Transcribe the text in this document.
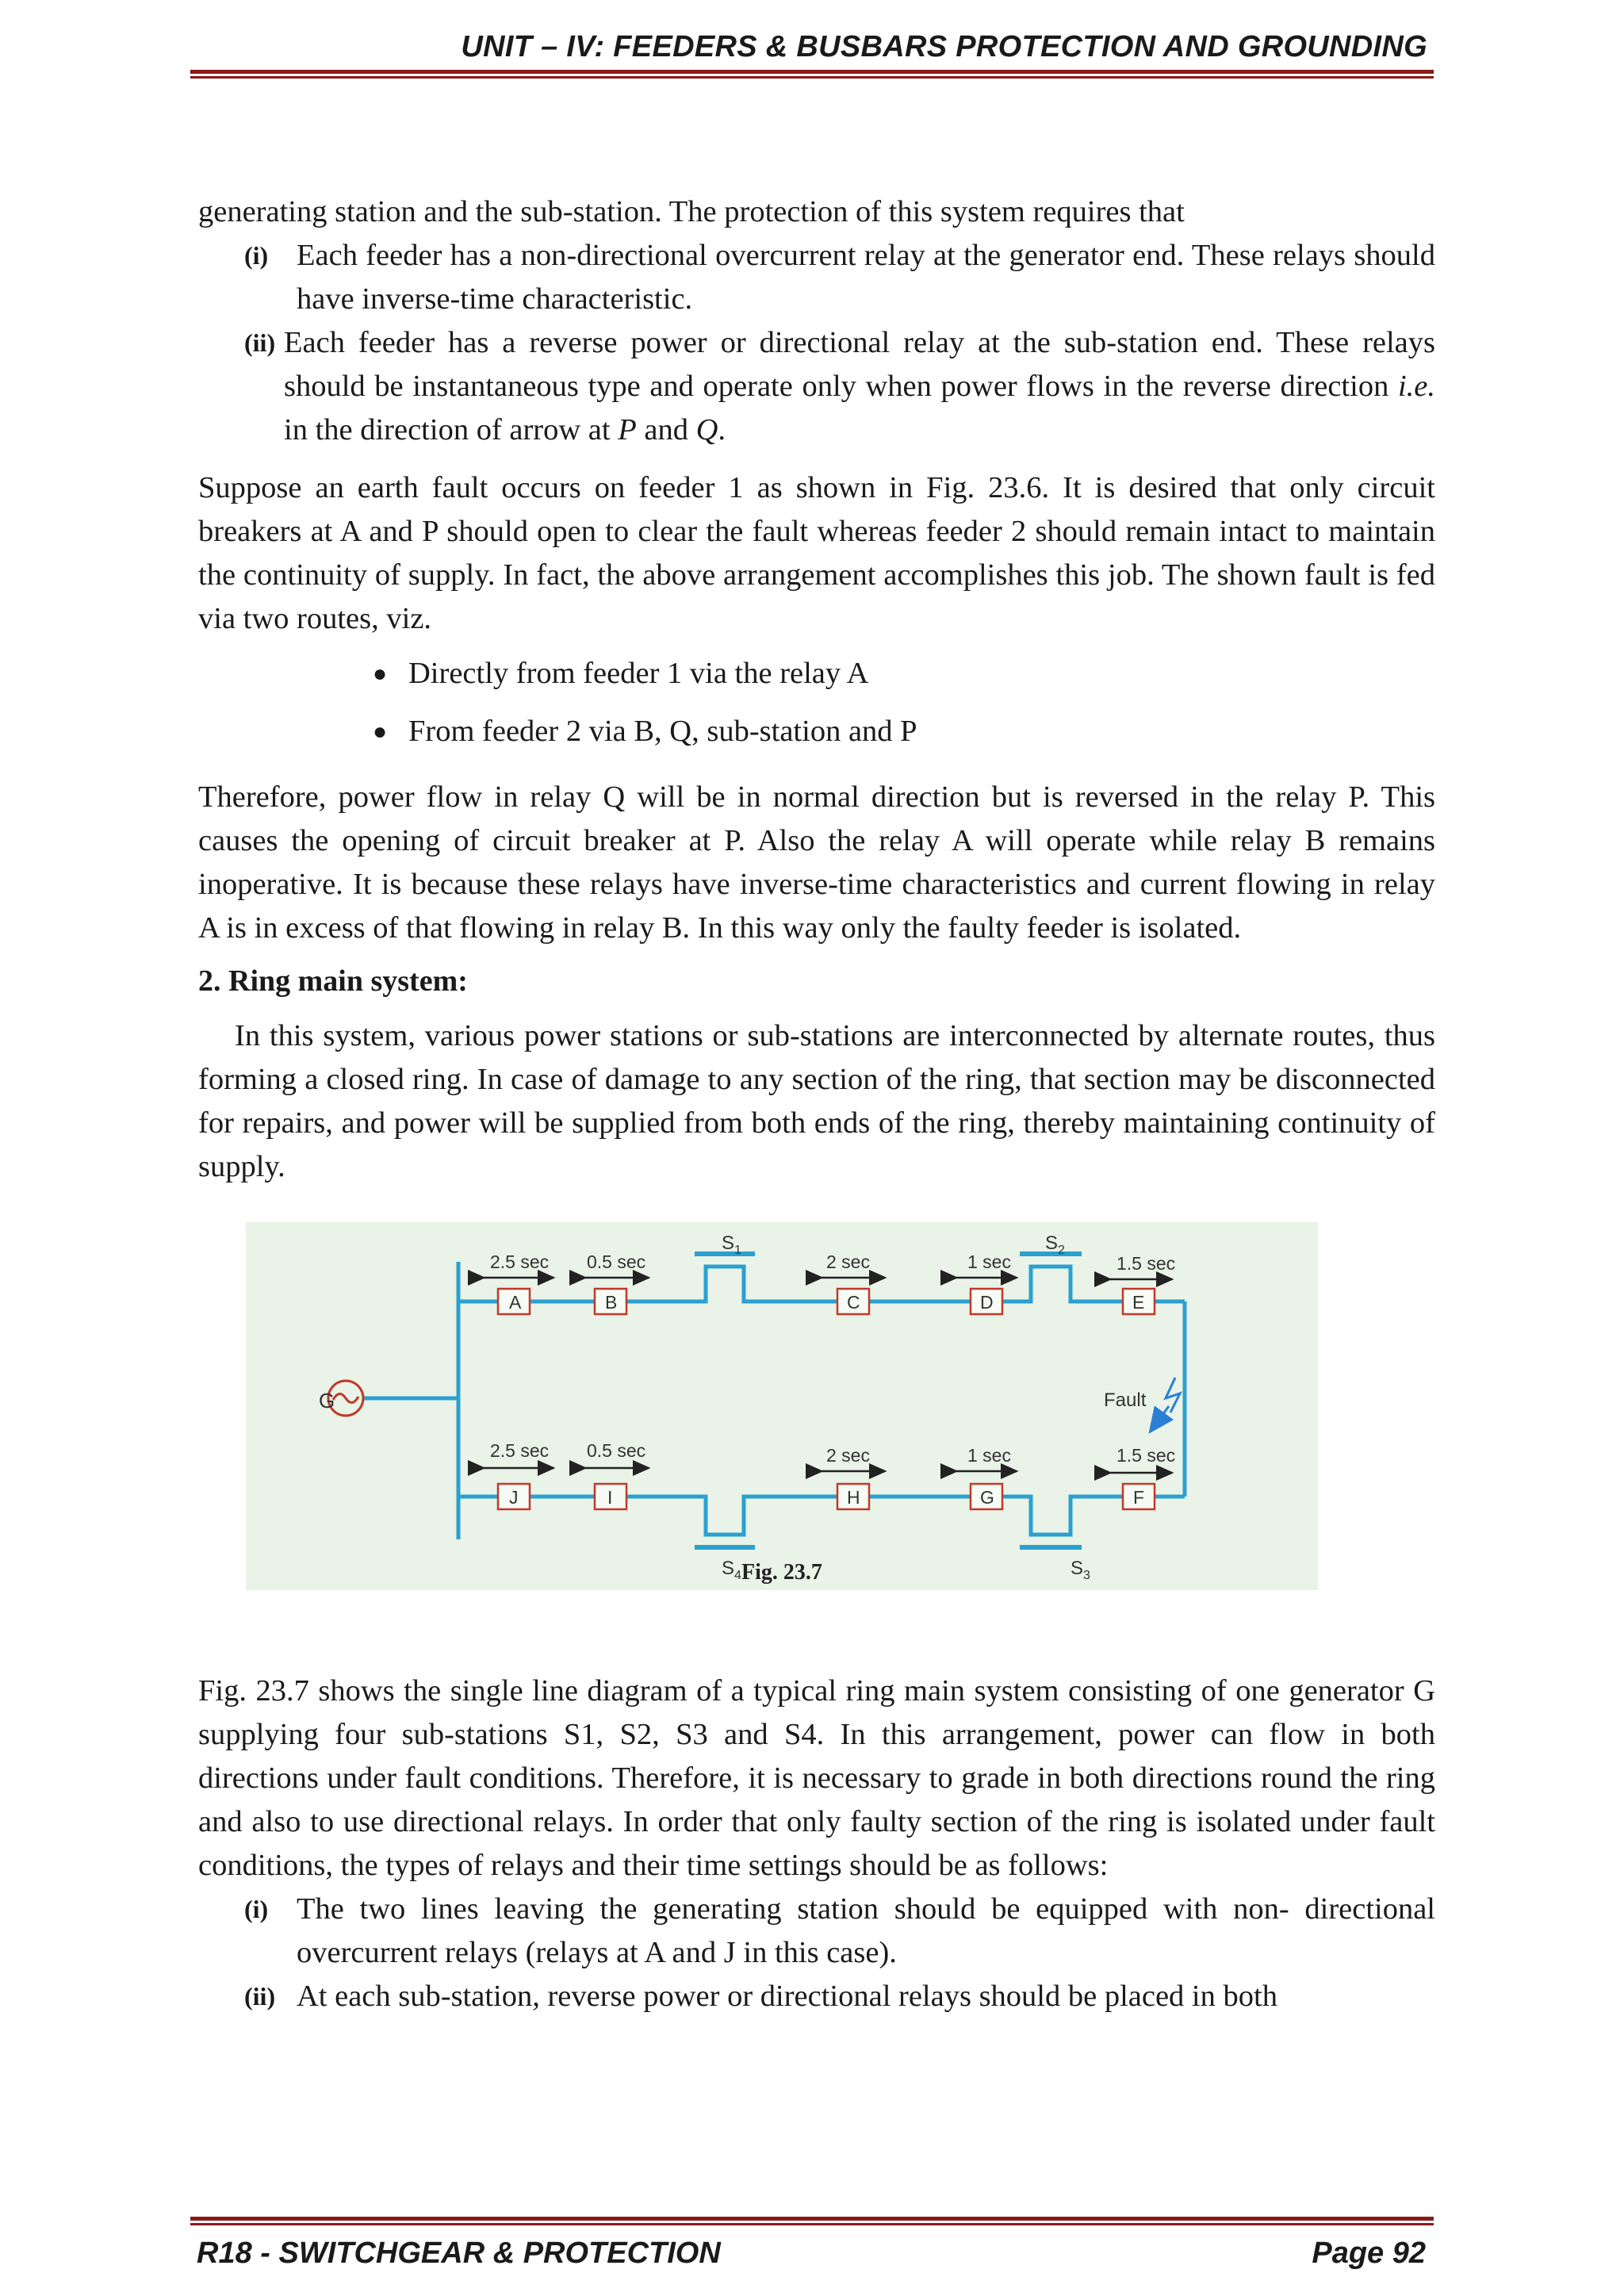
UNIT – IV: FEEDERS & BUSBARS PROTECTION AND GROUNDING

generating station and the sub-station. The protection of this system requires that

(i) Each feeder has a non-directional overcurrent relay at the generator end. These relays should have inverse-time characteristic.
(ii) Each feeder has a reverse power or directional relay at the sub-station end. These relays should be instantaneous type and operate only when power flows in the reverse direction i.e. in the direction of arrow at P and Q.

Suppose an earth fault occurs on feeder 1 as shown in Fig. 23.6. It is desired that only circuit breakers at A and P should open to clear the fault whereas feeder 2 should remain intact to maintain the continuity of supply. In fact, the above arrangement accomplishes this job. The shown fault is fed via two routes, viz.

● Directly from feeder 1 via the relay A
● From feeder 2 via B, Q, sub-station and P

Therefore, power flow in relay Q will be in normal direction but is reversed in the relay P. This causes the opening of circuit breaker at P. Also the relay A will operate while relay B remains inoperative. It is because these relays have inverse-time characteristics and current flowing in relay A is in excess of that flowing in relay B. In this way only the faulty feeder is isolated.

2. Ring main system:

In this system, various power stations or sub-stations are interconnected by alternate routes, thus forming a closed ring. In case of damage to any section of the ring, that section may be disconnected for repairs, and power will be supplied from both ends of the ring, thereby maintaining continuity of supply.

G
2.5 sec
A
0.5 sec
B
2 sec
C
1 sec
D
1.5 sec
E
2.5 sec
J
0.5 sec
I
2 sec
H
1 sec
G
1.5 sec
F
$S_1$	$S_2$
$S_4$	$S_3$
Fault
Fig. 23.7

Fig. 23.7 shows the single line diagram of a typical ring main system consisting of one generator G supplying four sub-stations S1, S2, S3 and S4. In this arrangement, power can flow in both directions under fault conditions. Therefore, it is necessary to grade in both directions round the ring and also to use directional relays. In order that only faulty section of the ring is isolated under fault conditions, the types of relays and their time settings should be as follows:

(i) The two lines leaving the generating station should be equipped with non- directional overcurrent relays (relays at A and J in this case).
(ii) At each sub-station, reverse power or directional relays should be placed in both
R18 - SWITCHGEAR & PROTECTION	Page 92
